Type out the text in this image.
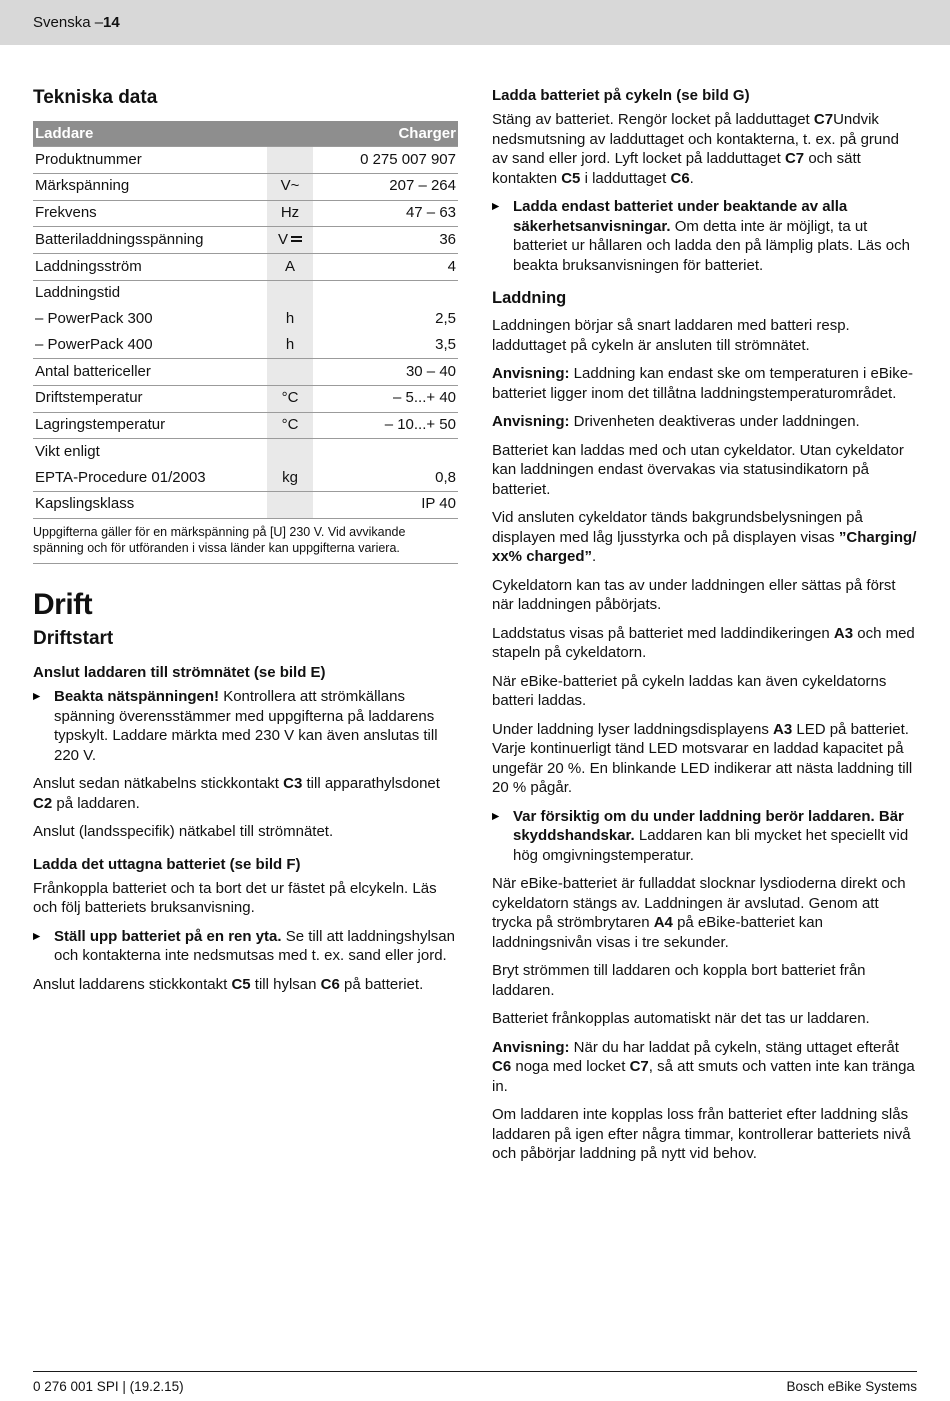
Svenska – 14
Tekniska data
Laddare	Charger
Produktnummer	0 275 007 907
Märkspänning	V~	207 – 264
Frekvens	Hz	47 – 63
Batteriladdningsspänning	V	36
Laddningsström	A	4
Laddningstid
– PowerPack 300	h	2,5
– PowerPack 400	h	3,5
Antal battericeller	30 – 40
Driftstemperatur	°C	– 5...+ 40
Lagringstemperatur	°C	– 10...+ 50
Vikt enligt
EPTA-Procedure 01/2003	kg	0,8
Kapslingsklass	IP 40
Uppgifterna gäller för en märkspänning på [U] 230 V. Vid avvikande spänning och för utföranden i vissa länder kan uppgifterna variera.
Drift
Driftstart
Anslut laddaren till strömnätet (se bild E)
▶ Beakta nätspänningen! Kontrollera att strömkällans spänning överensstämmer med uppgifterna på laddarens typskylt. Laddare märkta med 230 V kan även anslutas till 220 V.
Anslut sedan nätkabelns stickkontakt C3 till apparathylsdonet C2 på laddaren.
Anslut (landsspecifik) nätkabel till strömnätet.
Ladda det uttagna batteriet (se bild F)
Frånkoppla batteriet och ta bort det ur fästet på elcykeln. Läs och följ batteriets bruksanvisning.
▶ Ställ upp batteriet på en ren yta. Se till att laddningshylsan och kontakterna inte nedsmutsas med t. ex. sand eller jord.
Anslut laddarens stickkontakt C5 till hylsan C6 på batteriet.
Ladda batteriet på cykeln (se bild G)
Stäng av batteriet. Rengör locket på ladduttaget C7Undvik nedsmutsning av ladduttaget och kontakterna, t. ex. på grund av sand eller jord. Lyft locket på ladduttaget C7 och sätt kontakten C5 i ladduttaget C6.
▶ Ladda endast batteriet under beaktande av alla säkerhetsanvisningar. Om detta inte är möjligt, ta ut batteriet ur hållaren och ladda den på lämplig plats. Läs och beakta bruksanvisningen för batteriet.
Laddning
Laddningen börjar så snart laddaren med batteri resp. ladduttaget på cykeln är ansluten till strömnätet.
Anvisning: Laddning kan endast ske om temperaturen i eBike-batteriet ligger inom det tillåtna laddningstemperaturområdet.
Anvisning: Drivenheten deaktiveras under laddningen.
Batteriet kan laddas med och utan cykeldator. Utan cykeldator kan laddningen endast övervakas via statusindikatorn på batteriet.
Vid ansluten cykeldator tänds bakgrundsbelysningen på displayen med låg ljusstyrka och på displayen visas ”Charging/ xx% charged”.
Cykeldatorn kan tas av under laddningen eller sättas på först när laddningen påbörjats.
Laddstatus visas på batteriet med laddindikeringen A3 och med stapeln på cykeldatorn.
När eBike-batteriet på cykeln laddas kan även cykeldatorns batteri laddas.
Under laddning lyser laddningsdisplayens A3 LED på batteriet. Varje kontinuerligt tänd LED motsvarar en laddad kapacitet på ungefär 20 %. En blinkande LED indikerar att nästa laddning till 20 % pågår.
▶ Var försiktig om du under laddning berör laddaren. Bär skyddshandskar. Laddaren kan bli mycket het speciellt vid hög omgivningstemperatur.
När eBike-batteriet är fulladdat slocknar lysdioderna direkt och cykeldatorn stängs av. Laddningen är avslutad. Genom att trycka på strömbrytaren A4 på eBike-batteriet kan laddningsnivån visas i tre sekunder.
Bryt strömmen till laddaren och koppla bort batteriet från laddaren.
Batteriet frånkopplas automatiskt när det tas ur laddaren.
Anvisning: När du har laddat på cykeln, stäng uttaget efteråt C6 noga med locket C7, så att smuts och vatten inte kan tränga in.
Om laddaren inte kopplas loss från batteriet efter laddning slås laddaren på igen efter några timmar, kontrollerar batteriets nivå och påbörjar laddning på nytt vid behov.
0 276 001 SPI | (19.2.15)	Bosch eBike Systems
